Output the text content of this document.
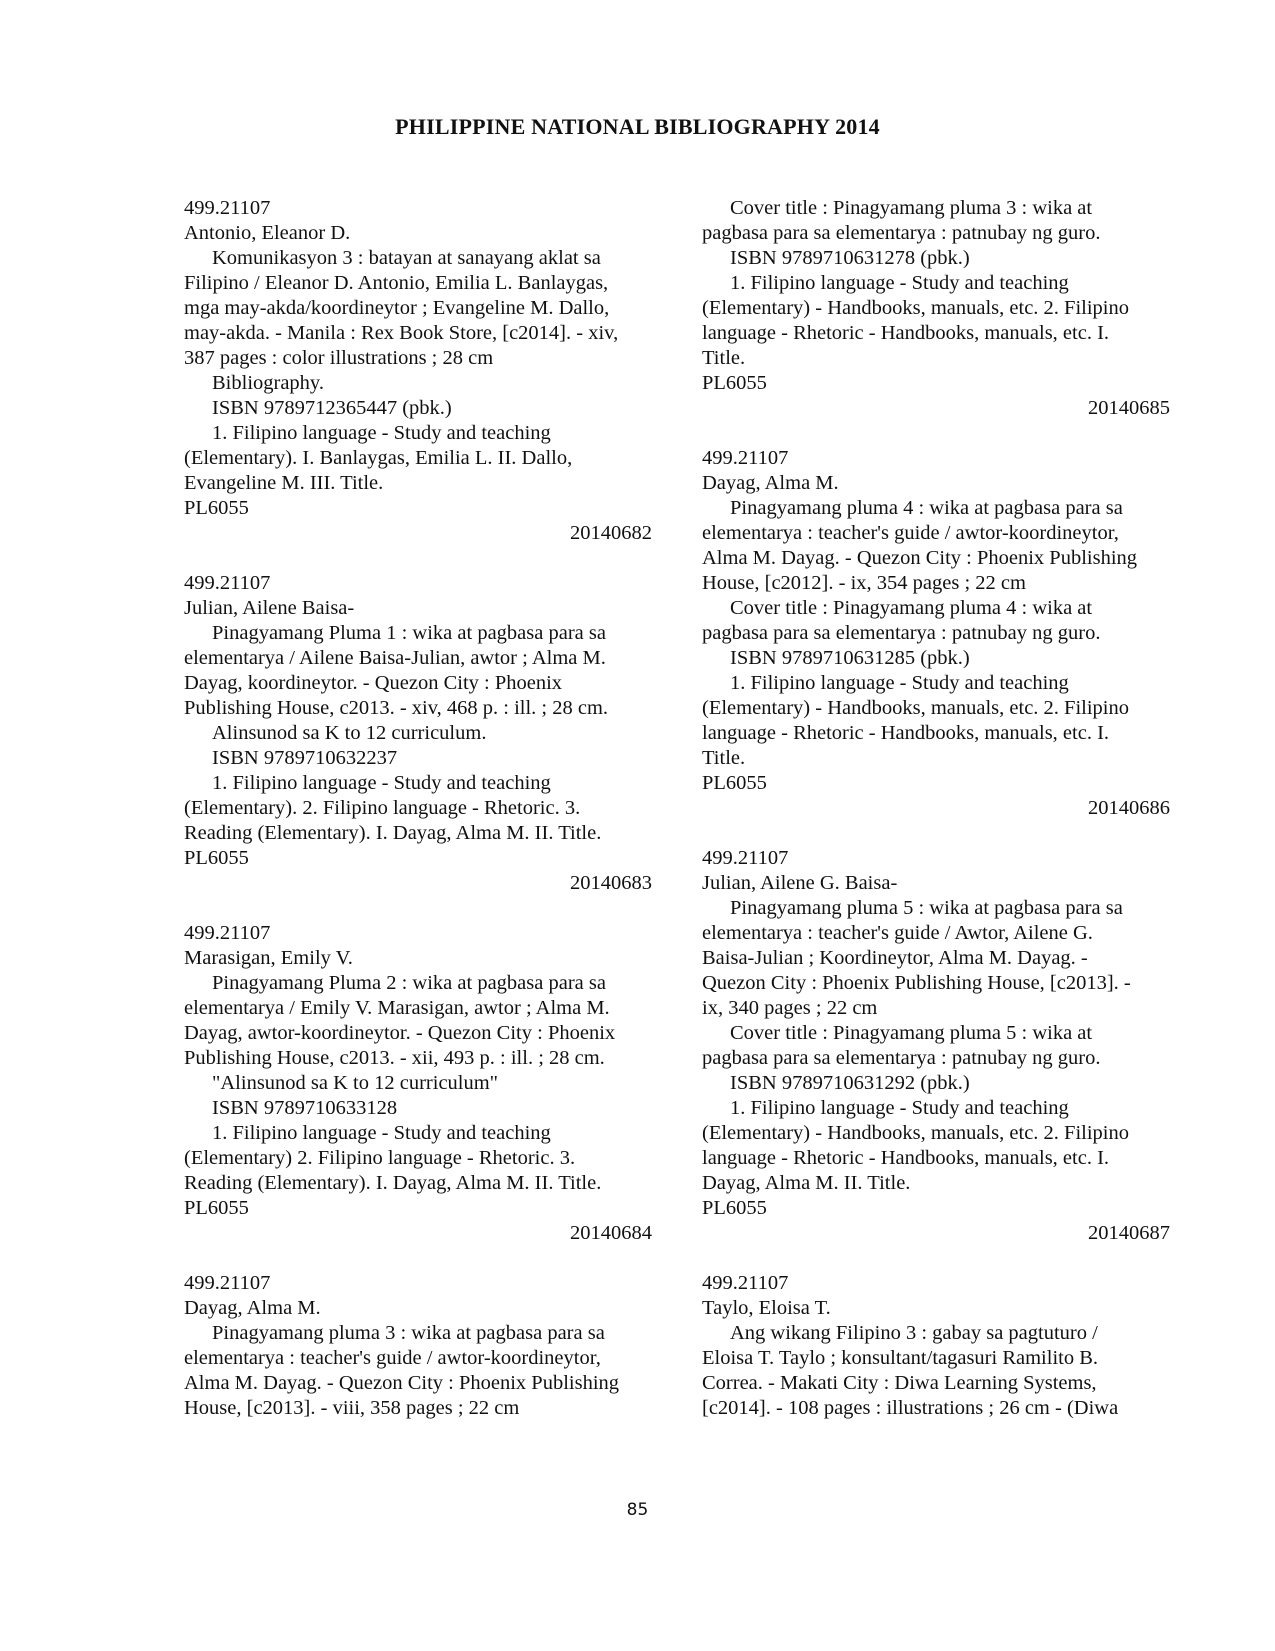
PHILIPPINE NATIONAL BIBLIOGRAPHY 2014
499.21107
Antonio, Eleanor D.
Komunikasyon 3 : batayan at sanayang aklat sa
Filipino / Eleanor D. Antonio, Emilia L. Banlaygas,
mga may-akda/koordineytor ; Evangeline M. Dallo,
may-akda. - Manila : Rex Book Store, [c2014]. - xiv,
387 pages : color illustrations ; 28 cm
Bibliography.
ISBN 9789712365447 (pbk.)
1. Filipino language - Study and teaching
(Elementary). I. Banlaygas, Emilia L. II. Dallo,
Evangeline M. III. Title.
PL6055
20140682
499.21107
Julian, Ailene Baisa-
Pinagyamang Pluma 1 : wika at pagbasa para sa
elementarya / Ailene Baisa-Julian, awtor ; Alma M.
Dayag, koordineytor. - Quezon City : Phoenix
Publishing House, c2013. - xiv, 468 p. : ill. ; 28 cm.
Alinsunod sa K to 12 curriculum.
ISBN 9789710632237
1. Filipino language - Study and teaching
(Elementary). 2. Filipino language - Rhetoric. 3.
Reading (Elementary). I. Dayag, Alma M. II. Title.
PL6055
20140683
499.21107
Marasigan, Emily V.
Pinagyamang Pluma 2 : wika at pagbasa para sa
elementarya / Emily V. Marasigan, awtor ; Alma M.
Dayag, awtor-koordineytor. - Quezon City : Phoenix
Publishing House, c2013. - xii, 493 p. : ill. ; 28 cm.
"Alinsunod sa K to 12 curriculum"
ISBN 9789710633128
1. Filipino language - Study and teaching
(Elementary) 2. Filipino language - Rhetoric. 3.
Reading (Elementary). I. Dayag, Alma M. II. Title.
PL6055
20140684
499.21107
Dayag, Alma M.
Pinagyamang pluma 3 : wika at pagbasa para sa
elementarya : teacher's guide / awtor-koordineytor,
Alma M. Dayag. - Quezon City : Phoenix Publishing
House, [c2013]. - viii, 358 pages ; 22 cm
Cover title : Pinagyamang pluma 3 : wika at
pagbasa para sa elementarya : patnubay ng guro.
ISBN 9789710631278 (pbk.)
1. Filipino language - Study and teaching
(Elementary) - Handbooks, manuals, etc. 2. Filipino
language - Rhetoric - Handbooks, manuals, etc. I.
Title.
PL6055
20140685
499.21107
Dayag, Alma M.
Pinagyamang pluma 4 : wika at pagbasa para sa
elementarya : teacher's guide / awtor-koordineytor,
Alma M. Dayag. - Quezon City : Phoenix Publishing
House, [c2012]. - ix, 354 pages ; 22 cm
Cover title : Pinagyamang pluma 4 : wika at
pagbasa para sa elementarya : patnubay ng guro.
ISBN 9789710631285 (pbk.)
1. Filipino language - Study and teaching
(Elementary) - Handbooks, manuals, etc. 2. Filipino
language - Rhetoric - Handbooks, manuals, etc. I.
Title.
PL6055
20140686
499.21107
Julian, Ailene G. Baisa-
Pinagyamang pluma 5 : wika at pagbasa para sa
elementarya : teacher's guide / Awtor, Ailene G.
Baisa-Julian ; Koordineytor, Alma M. Dayag. -
Quezon City : Phoenix Publishing House, [c2013]. -
ix, 340 pages ; 22 cm
Cover title : Pinagyamang pluma 5 : wika at
pagbasa para sa elementarya : patnubay ng guro.
ISBN 9789710631292 (pbk.)
1. Filipino language - Study and teaching
(Elementary) - Handbooks, manuals, etc. 2. Filipino
language - Rhetoric - Handbooks, manuals, etc. I.
Dayag, Alma M. II. Title.
PL6055
20140687
499.21107
Taylo, Eloisa T.
Ang wikang Filipino 3 : gabay sa pagtuturo /
Eloisa T. Taylo ; konsultant/tagasuri Ramilito B.
Correa. - Makati City : Diwa Learning Systems,
[c2014]. - 108 pages : illustrations ; 26 cm - (Diwa
85
